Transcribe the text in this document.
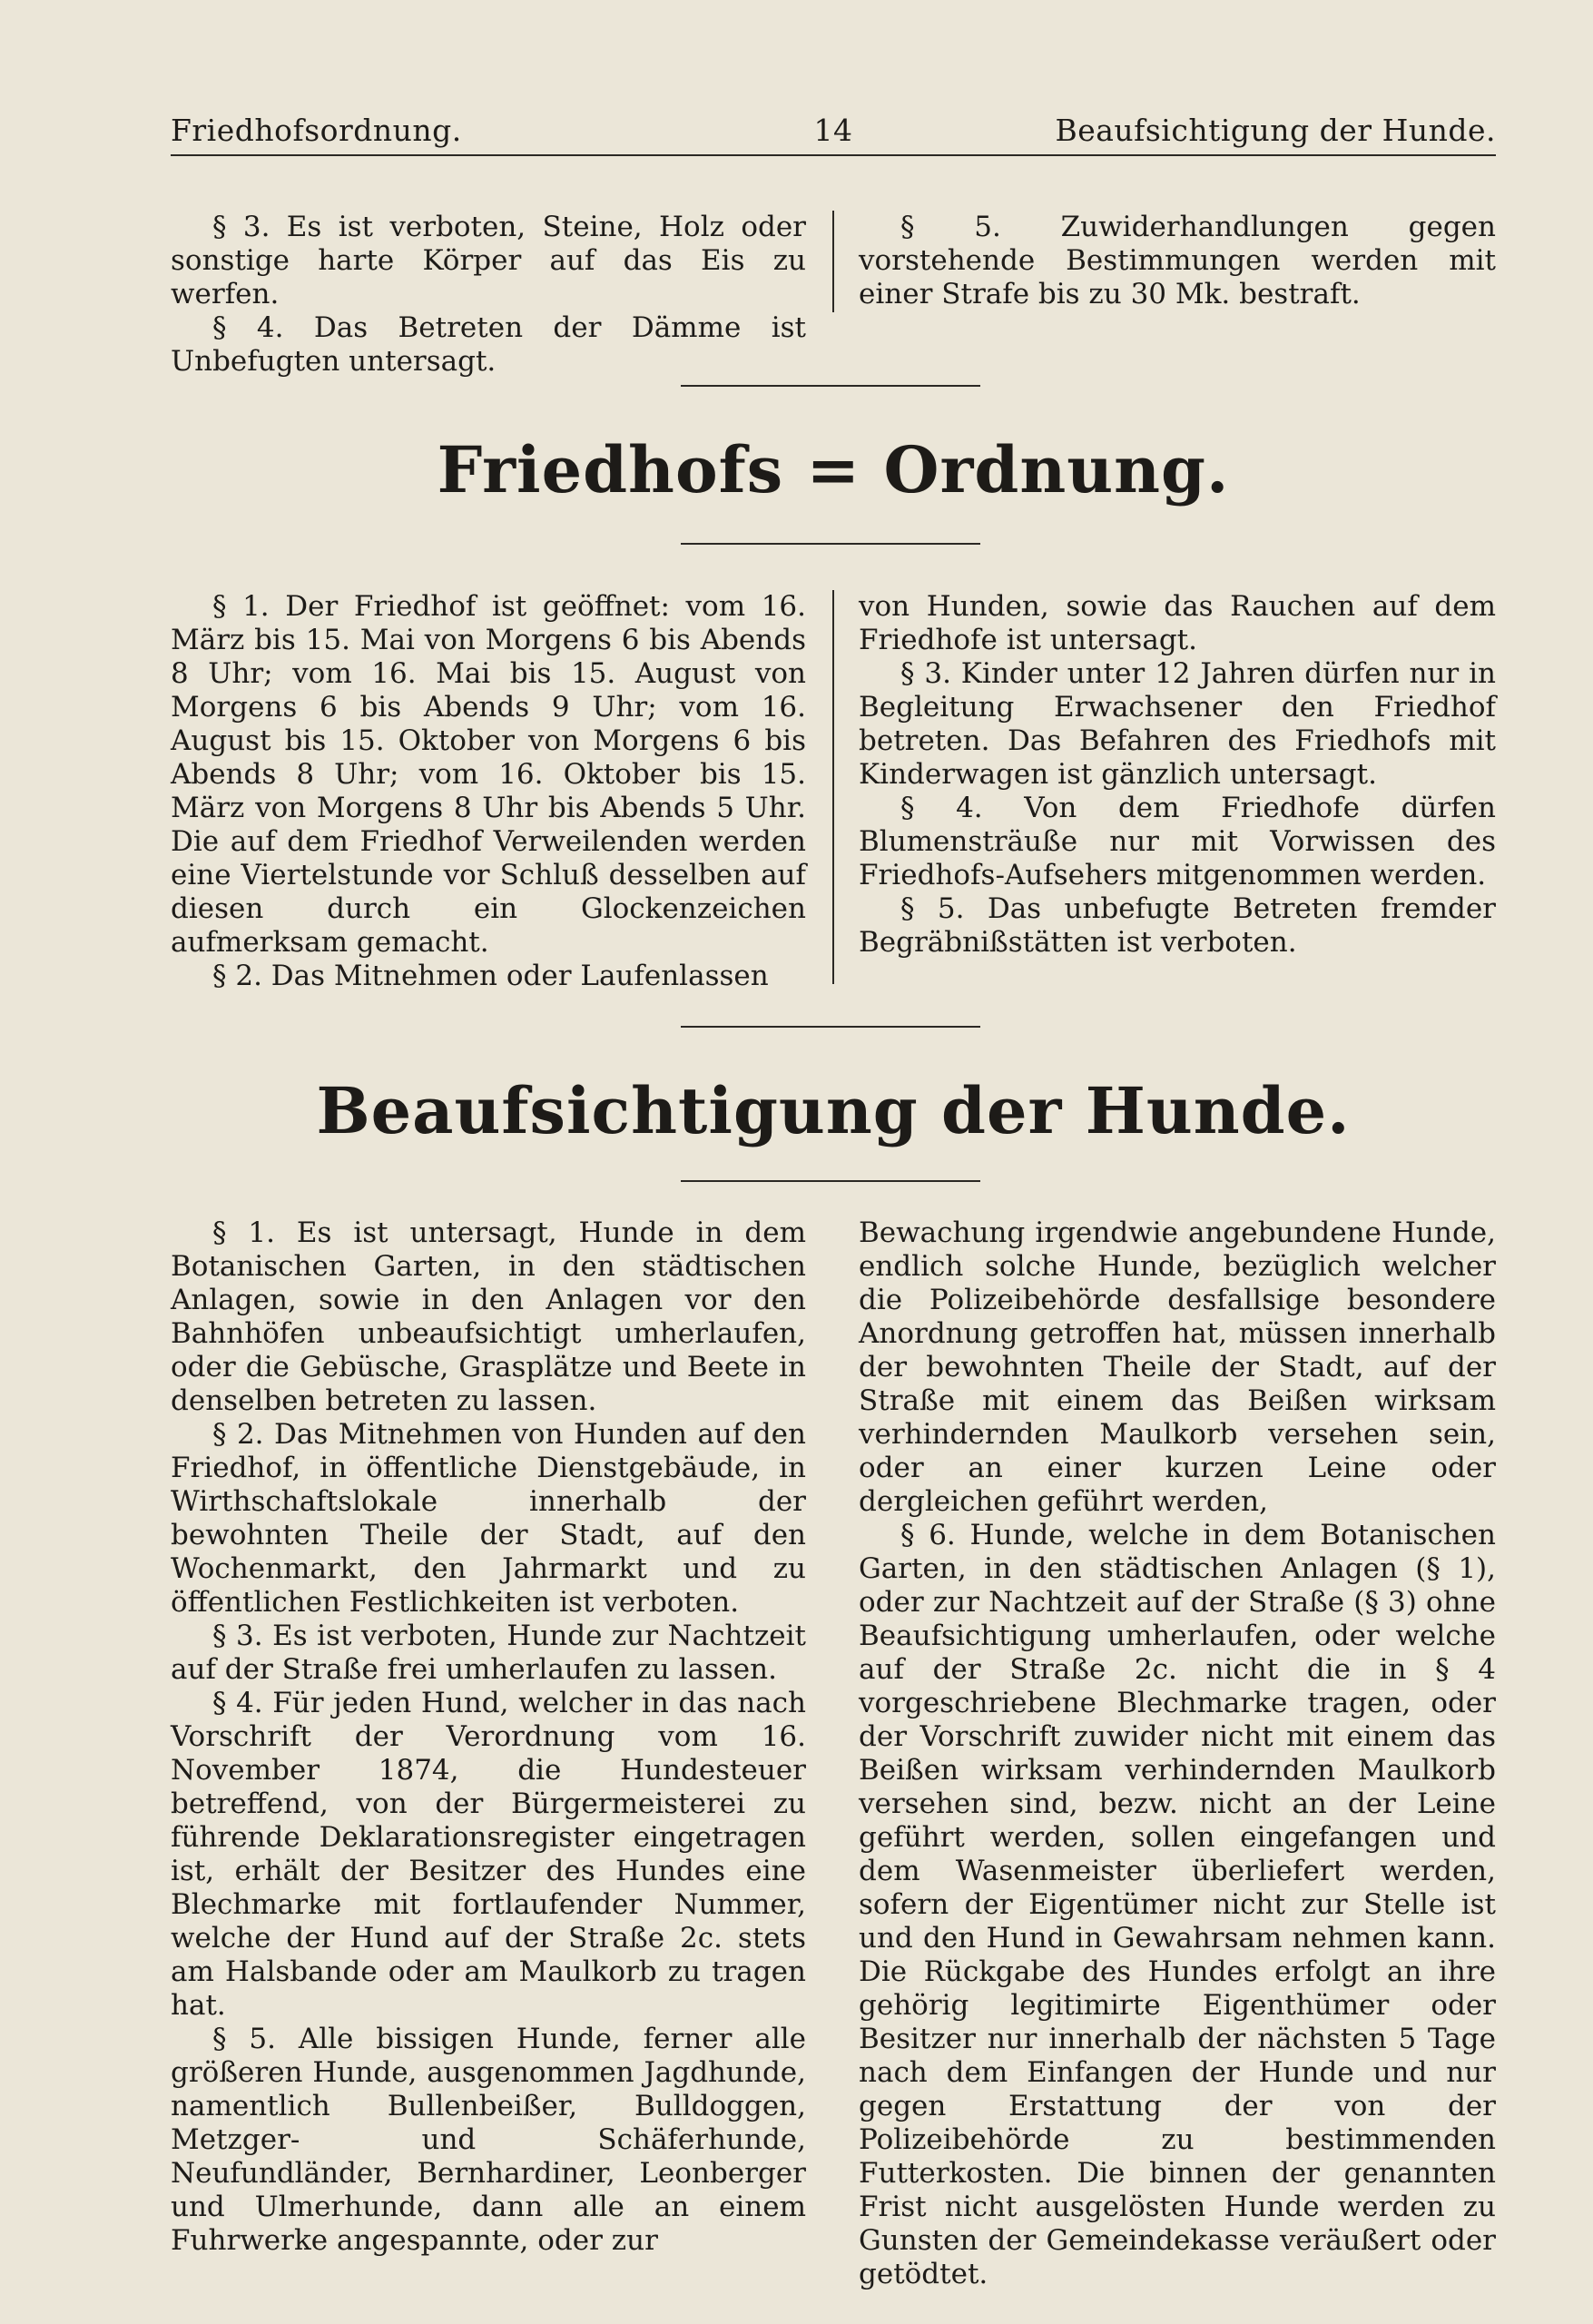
Friedhofsordnung.	14	Beaufsichtigung der Hunde.

§ 3. Es ist verboten, Steine, Holz oder sonstige harte Körper auf das Eis zu werfen.

§ 4. Das Betreten der Dämme ist Unbefugten untersagt.

§ 5. Zuwiderhandlungen gegen vorstehende Bestimmungen werden mit einer Strafe bis zu 30 Mk. bestraft.

Friedhofs = Ordnung.

§ 1. Der Friedhof ist geöffnet: vom 16. März bis 15. Mai von Morgens 6 bis Abends 8 Uhr; vom 16. Mai bis 15. August von Morgens 6 bis Abends 9 Uhr; vom 16. August bis 15. Oktober von Morgens 6 bis Abends 8 Uhr; vom 16. Oktober bis 15. März von Morgens 8 Uhr bis Abends 5 Uhr. Die auf dem Friedhof Verweilenden werden eine Viertelstunde vor Schluß desselben auf diesen durch ein Glockenzeichen aufmerksam gemacht.

§ 2. Das Mitnehmen oder Laufenlassen

von Hunden, sowie das Rauchen auf dem Friedhofe ist untersagt.

§ 3. Kinder unter 12 Jahren dürfen nur in Begleitung Erwachsener den Friedhof betreten. Das Befahren des Friedhofs mit Kinderwagen ist gänzlich untersagt.

§ 4. Von dem Friedhofe dürfen Blumensträuße nur mit Vorwissen des Friedhofs-Aufsehers mitgenommen werden.

§ 5. Das unbefugte Betreten fremder Begräbnißstätten ist verboten.

Beaufsichtigung der Hunde.

§ 1. Es ist untersagt, Hunde in dem Botanischen Garten, in den städtischen Anlagen, sowie in den Anlagen vor den Bahnhöfen unbeaufsichtigt umherlaufen, oder die Gebüsche, Grasplätze und Beete in denselben betreten zu lassen.

§ 2. Das Mitnehmen von Hunden auf den Friedhof, in öffentliche Dienstgebäude, in Wirthschaftslokale innerhalb der bewohnten Theile der Stadt, auf den Wochenmarkt, den Jahrmarkt und zu öffentlichen Festlichkeiten ist verboten.

§ 3. Es ist verboten, Hunde zur Nachtzeit auf der Straße frei umherlaufen zu lassen.

§ 4. Für jeden Hund, welcher in das nach Vorschrift der Verordnung vom 16. November 1874, die Hundesteuer betreffend, von der Bürgermeisterei zu führende Deklarationsregister eingetragen ist, erhält der Besitzer des Hundes eine Blechmarke mit fortlaufender Nummer, welche der Hund auf der Straße 2c. stets am Halsbande oder am Maulkorb zu tragen hat.

§ 5. Alle bissigen Hunde, ferner alle größeren Hunde, ausgenommen Jagdhunde, namentlich Bullenbeißer, Bulldoggen, Metzger- und Schäferhunde, Neufundländer, Bernhardiner, Leonberger und Ulmerhunde, dann alle an einem Fuhrwerke angespannte, oder zur

Bewachung irgendwie angebundene Hunde, endlich solche Hunde, bezüglich welcher die Polizeibehörde desfallsige besondere Anordnung getroffen hat, müssen innerhalb der bewohnten Theile der Stadt, auf der Straße mit einem das Beißen wirksam verhindernden Maulkorb versehen sein, oder an einer kurzen Leine oder dergleichen geführt werden,

§ 6. Hunde, welche in dem Botanischen Garten, in den städtischen Anlagen (§ 1), oder zur Nachtzeit auf der Straße (§ 3) ohne Beaufsichtigung umherlaufen, oder welche auf der Straße 2c. nicht die in § 4 vorgeschriebene Blechmarke tragen, oder der Vorschrift zuwider nicht mit einem das Beißen wirksam verhindernden Maulkorb versehen sind, bezw. nicht an der Leine geführt werden, sollen eingefangen und dem Wasenmeister überliefert werden, sofern der Eigentümer nicht zur Stelle ist und den Hund in Gewahrsam nehmen kann. Die Rückgabe des Hundes erfolgt an ihre gehörig legitimirte Eigenthümer oder Besitzer nur innerhalb der nächsten 5 Tage nach dem Einfangen der Hunde und nur gegen Erstattung der von der Polizeibehörde zu bestimmenden Futterkosten. Die binnen der genannten Frist nicht ausgelösten Hunde werden zu Gunsten der Gemeindekasse veräußert oder getödtet.
